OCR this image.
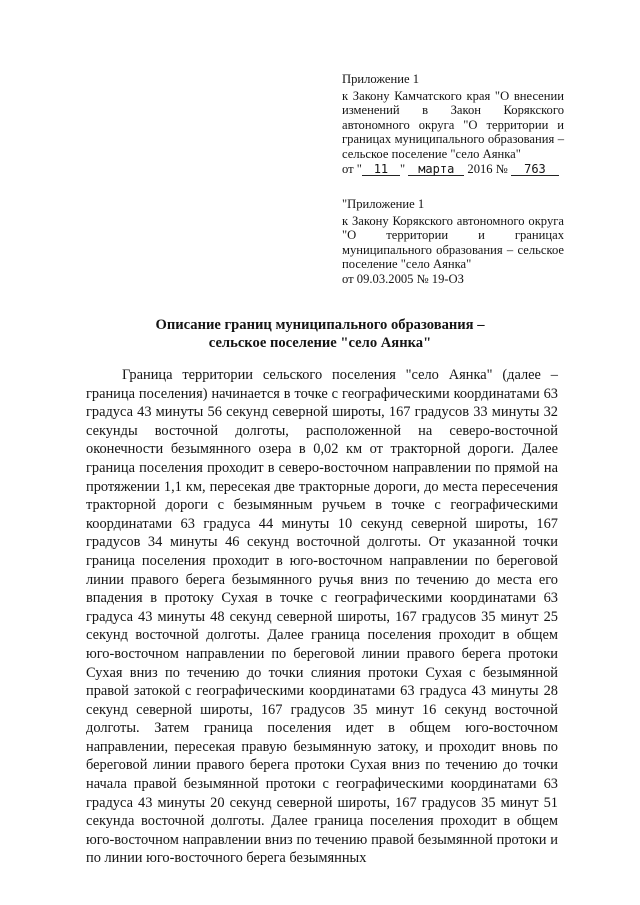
Приложение 1

к Закону Камчатского края "О внесении изменений в Закон Корякского автономного округа "О территории и границах муниципального образования – сельское поселение "село Аянка"

от " 11 " марта 2016 № 763

"Приложение 1

к Закону Корякского автономного округа "О территории и границах муниципального образования – сельское поселение "село Аянка"

от 09.03.2005 № 19-ОЗ

Описание границ муниципального образования –
сельское поселение "село Аянка"

Граница территории сельского поселения "село Аянка" (далее – граница поселения) начинается в точке с географическими координатами 63 градуса 43 минуты 56 секунд северной широты, 167 градусов 33 минуты 32 секунды восточной долготы, расположенной на северо-восточной оконечности безымянного озера в 0,02 км от тракторной дороги. Далее граница поселения проходит в северо-восточном направлении по прямой на протяжении 1,1 км, пересекая две тракторные дороги, до места пересечения тракторной дороги с безымянным ручьем в точке с географическими координатами 63 градуса 44 минуты 10 секунд северной широты, 167 градусов 34 минуты 46 секунд восточной долготы. От указанной точки граница поселения проходит в юго-восточном направлении по береговой линии правого берега безымянного ручья вниз по течению до места его впадения в протоку Сухая в точке с географическими координатами 63 градуса 43 минуты 48 секунд северной широты, 167 градусов 35 минут 25 секунд восточной долготы. Далее граница поселения проходит в общем юго-восточном направлении по береговой линии правого берега протоки Сухая вниз по течению до точки слияния протоки Сухая с безымянной правой затокой с географическими координатами 63 градуса 43 минуты 28 секунд северной широты, 167 градусов 35 минут 16 секунд восточной долготы. Затем граница поселения идет в общем юго-восточном направлении, пересекая правую безымянную затоку, и проходит вновь по береговой линии правого берега протоки Сухая вниз по течению до точки начала правой безымянной протоки с географическими координатами 63 градуса 43 минуты 20 секунд северной широты, 167 градусов 35 минут 51 секунда восточной долготы. Далее граница поселения проходит в общем юго-восточном направлении вниз по течению правой безымянной протоки и по линии юго-восточного берега безымянных
